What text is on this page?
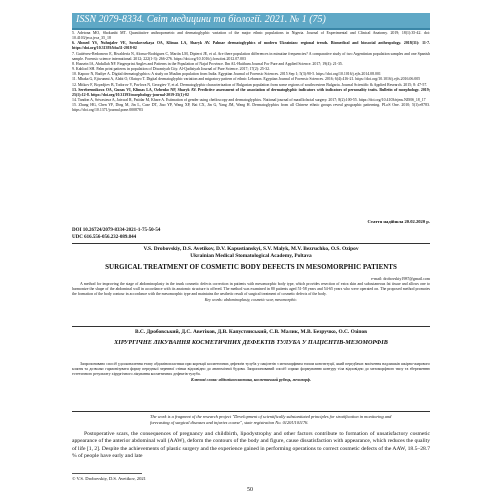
ISSN 2079-8334. Світ медицини та біології. 2021. № 1 (75)

5. Adetona MO, Shokunbi MT. Quantitative anthropometric and dermatoglyphic variation of the major ethnic populations in Nigeria. Journal of Experimental and Clinical Anatomy. 2019; 18(1):35-42. doi: 10.4103/jeca.jeca_35_18

6. Ahmed YS, Nuhnjaler VE, Sorokovsekaya OA, Klimas LA, Sharyk AV. Palmar dermatoglyphics of modern Ukrainian: regional trends. Biomedical and biosocial anthropology. 2018(31): 11-7. https://doi.org/10.31393/bba31-2018-02

7. Gutiérrez-Redomero E, Rivaldería N, Alonso-Rodríguez C, Martín LM, Dipierri JE, et al. Are there population differences in minutiae frequencies? A comparative study of two Argentinian population samples and one Spanish sample. Forensic science international. 2012; 222(1-3): 266-276. https://doi.org/10.1016/j.forsciint.2012.07.003

8. Hussein IA, Abdullah NF. Fingerprint Angles and Patterns in the Population of Najaf Province. Ibn AL-Haitham Journal For Pure and Applied Science. 2017; 19(4): 21-35.

9. Kahlool SH. Palm print patterns in population of Diwaniyah City. Al-Qadisiyah Journal of Pure Science. 2017; 17(2): 25-32.

10. Kapoor N, Badiye A. Digital dermatoglyphics: A study on Muslim population from India. Egyptian Journal of Forensic Sciences. 2015 Sep 1; 5(3):90-5. https://doi.org/10.1016/j.ejfs.2014.08.001

11. Mbaka G, Ejiwunmi A, Alabi O, Olatayo T. Digital dermatoglyphic variation and migratory pattern of ethnic Lebanon. Egyptian Journal of Forensic Sciences. 2016; 6(4):416-21. https://doi.org/10.1016/j.ejfs.2016.06.005

12. Mitkov F, Boyadjiev B, Todorov V, Pavlova N, Georgiev V, et al. Dermatoglyphic characterization of Bulgarian population from some regions of southwestern Bulgaria. Journal Scientific & Applied Research. 2015; 8: 47-57.

13. Serebrennikova OA, Gunas VI, Klimas LA, Ozhenko NP, Sharyk AV. Predictive assessment of the association of dermatoglyphic indicators with indicators of personality traits. Bulletin of morphology. 2019; 25(1):12-8. https://doi.org/10.31393/morphology-journal-2019-25(1)-02

14. Tandon A, Srivastava A, Jaiswal R, Patidar M, Khare A. Estimation of gender using cheiloscopy and dermatoglyphics. National journal of maxillofacial surgery. 2017; 8(2):100-55. https://doi.org/10.4103/njms.NJMS_18_17

15. Zhang HG, Chen YF, Ding M, Jin L, Case DT, Jiao YP, Wang XP, Bai CX, Jin G, Yang JM, Wang H. Dermatoglyphics from all Chinese ethnic groups reveal geographic patterning. PLoS One. 2010; 5(1):e8783. https://doi.org/10.1371/journal.pone.0008783

Стаття надійшла 20.02.2020 р.
DOI 10.26724/2079-8334-2021-1-75-50-54
UDC 616.556-056.232-089.844
V.S. Drobovskiy, D.S. Avetikov, D.V. Kapustianskyi, S.V. Malyk, M.V. Bezruchko, O.S. Ozipov
Ukrainian Medical Stomatological Academy, Poltava
SURGICAL TREATMENT OF COSMETIC BODY DEFECTS IN MESOMORPHIC PATIENTS
e-mail: drobovskiy1987@gmail.com

A method for improving the stage of abdominoplasty in the trunk cosmetic defects correction in patients with mesomorphic body type, which provides resection of extra skin and subcutaneous fat tissue and allows one to harmonize the shape of the abdominal wall in accordance with its anatomic structure is offered. The method was examined in 80 patients aged 51-58 years and 54-65 years who were operated on. The proposed method promotes the formation of the body contour in accordance with the mesomorphic type and maintains the aesthetic result of surgical treatment of cosmetic defects of the body.

Key words: abdominoplasty, cosmetic scar, mesomorphic.
В.С. Дробовський, Д.С. Аветіков, Д.В. Капустянський, С.В. Малик, М.В. Безручко, О.С. Озіпов
ХІРУРГІЧНЕ ЛІКУВАННЯ КОСМЕТИЧНИХ ДЕФЕКТІВ ТУЛУБА У ПАЦІЄНТІВ-МЕЗОМОРФІВ

Запропоновано спосіб удосконалення етапу абдомінопластики при корекції косметичних дефектів тулуба у пацієнтів з мезоморфним типом конституції, який передбачає висічення надлишків шкірно-жирового клаптя та дозволяє гармонізувати форму передньої черевної стінки відповідно до анатомічної будови. Запропонований спосіб сприяє формуванню контуру тіла відповідно до мезоморфного типу та збереженню естетичного результату хірургічного лікування косметичних дефектів тулуба.

Ключові слова: абдомінопластика, косметичний рубець, мезоморф.
The work is a fragment of the research project "Development of scientifically substantiated principles for stratification in monitoring and forecasting of surgical diseases and injuries course", state registration No. 0120U101176.

Postoperative scars, the consequences of pregnancy and childbirth, lipodystrophy and other factors contribute to formation of unsatisfactory cosmetic appearance of the anterior abdominal wall (AAW), deform the contours of the body and figure, cause dissatisfaction with appearance, which reduces the quality of life [1, 2]. Despite the achievements of plastic surgery and the experience gained in performing operations to correct cosmetic defects of the AAW, 18.5–28.7 % of people have early and late

© V.S. Drobovskiy, D.S. Avetikov, 2021
50
